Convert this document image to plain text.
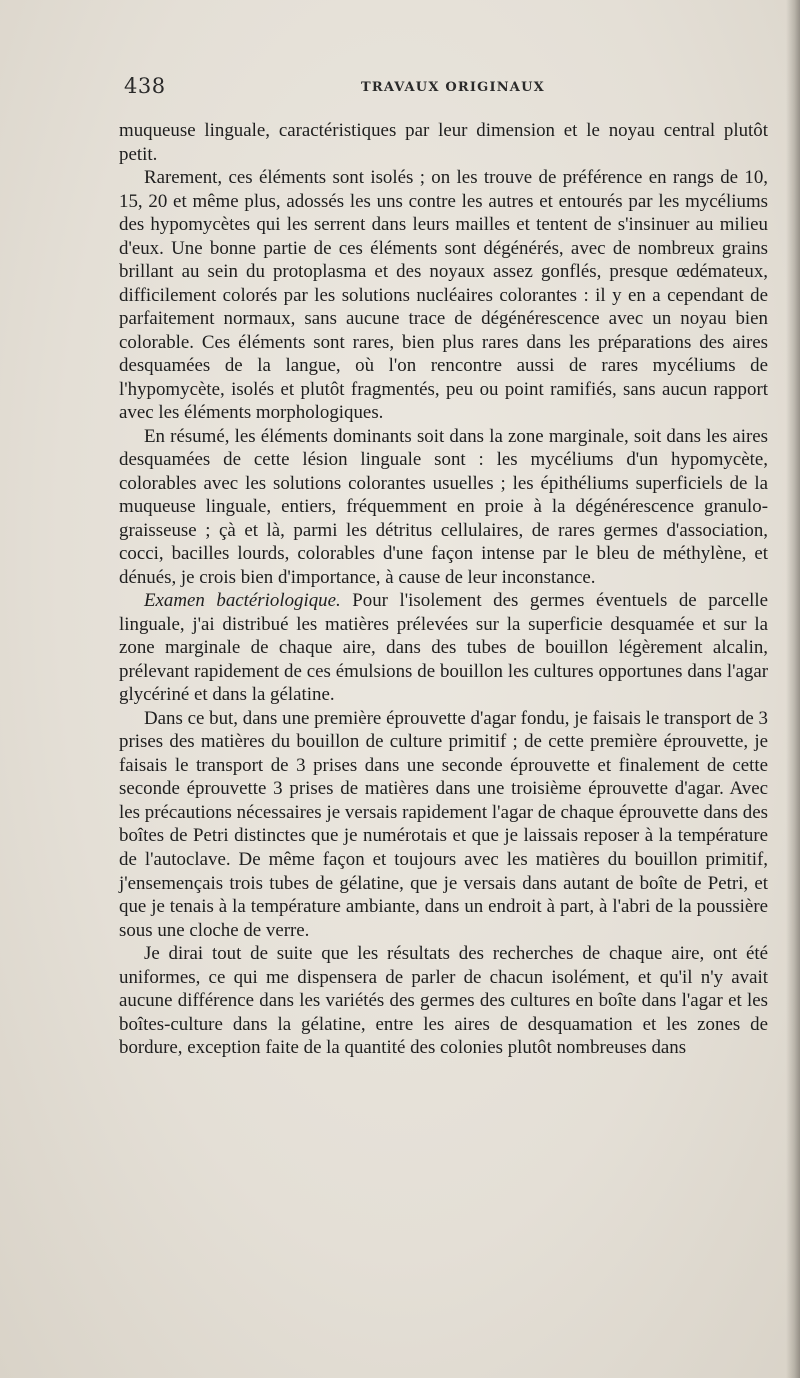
438	TRAVAUX ORIGINAUX

muqueuse linguale, caractéristiques par leur dimension et le noyau central plutôt petit.

Rarement, ces éléments sont isolés ; on les trouve de préférence en rangs de 10, 15, 20 et même plus, adossés les uns contre les autres et entourés par les mycéliums des hypomycètes qui les serrent dans leurs mailles et tentent de s'insinuer au milieu d'eux. Une bonne partie de ces éléments sont dégénérés, avec de nombreux grains brillant au sein du protoplasma et des noyaux assez gonflés, presque œdémateux, difficilement colorés par les solutions nucléaires colorantes : il y en a cependant de parfaitement normaux, sans aucune trace de dégénérescence avec un noyau bien colorable. Ces éléments sont rares, bien plus rares dans les préparations des aires desquamées de la langue, où l'on rencontre aussi de rares mycéliums de l'hypomycète, isolés et plutôt fragmentés, peu ou point ramifiés, sans aucun rapport avec les éléments morphologiques.

En résumé, les éléments dominants soit dans la zone marginale, soit dans les aires desquamées de cette lésion linguale sont : les mycéliums d'un hypomycète, colorables avec les solutions colorantes usuelles ; les épithéliums superficiels de la muqueuse linguale, entiers, fréquemment en proie à la dégénérescence granulo-graisseuse ; çà et là, parmi les détritus cellulaires, de rares germes d'association, cocci, bacilles lourds, colorables d'une façon intense par le bleu de méthylène, et dénués, je crois bien d'importance, à cause de leur inconstance.

Examen bactériologique. Pour l'isolement des germes éventuels de parcelle linguale, j'ai distribué les matières prélevées sur la superficie desquamée et sur la zone marginale de chaque aire, dans des tubes de bouillon légèrement alcalin, prélevant rapidement de ces émulsions de bouillon les cultures opportunes dans l'agar glycériné et dans la gélatine.

Dans ce but, dans une première éprouvette d'agar fondu, je faisais le transport de 3 prises des matières du bouillon de culture primitif ; de cette première éprouvette, je faisais le transport de 3 prises dans une seconde éprouvette et finalement de cette seconde éprouvette 3 prises de matières dans une troisième éprouvette d'agar. Avec les précautions nécessaires je versais rapidement l'agar de chaque éprouvette dans des boîtes de Petri distinctes que je numérotais et que je laissais reposer à la température de l'autoclave. De même façon et toujours avec les matières du bouillon primitif, j'ensemençais trois tubes de gélatine, que je versais dans autant de boîte de Petri, et que je tenais à la température ambiante, dans un endroit à part, à l'abri de la poussière sous une cloche de verre.

Je dirai tout de suite que les résultats des recherches de chaque aire, ont été uniformes, ce qui me dispensera de parler de chacun isolément, et qu'il n'y avait aucune différence dans les variétés des germes des cultures en boîte dans l'agar et les boîtes-culture dans la gélatine, entre les aires de desquamation et les zones de bordure, exception faite de la quantité des colonies plutôt nombreuses dans
